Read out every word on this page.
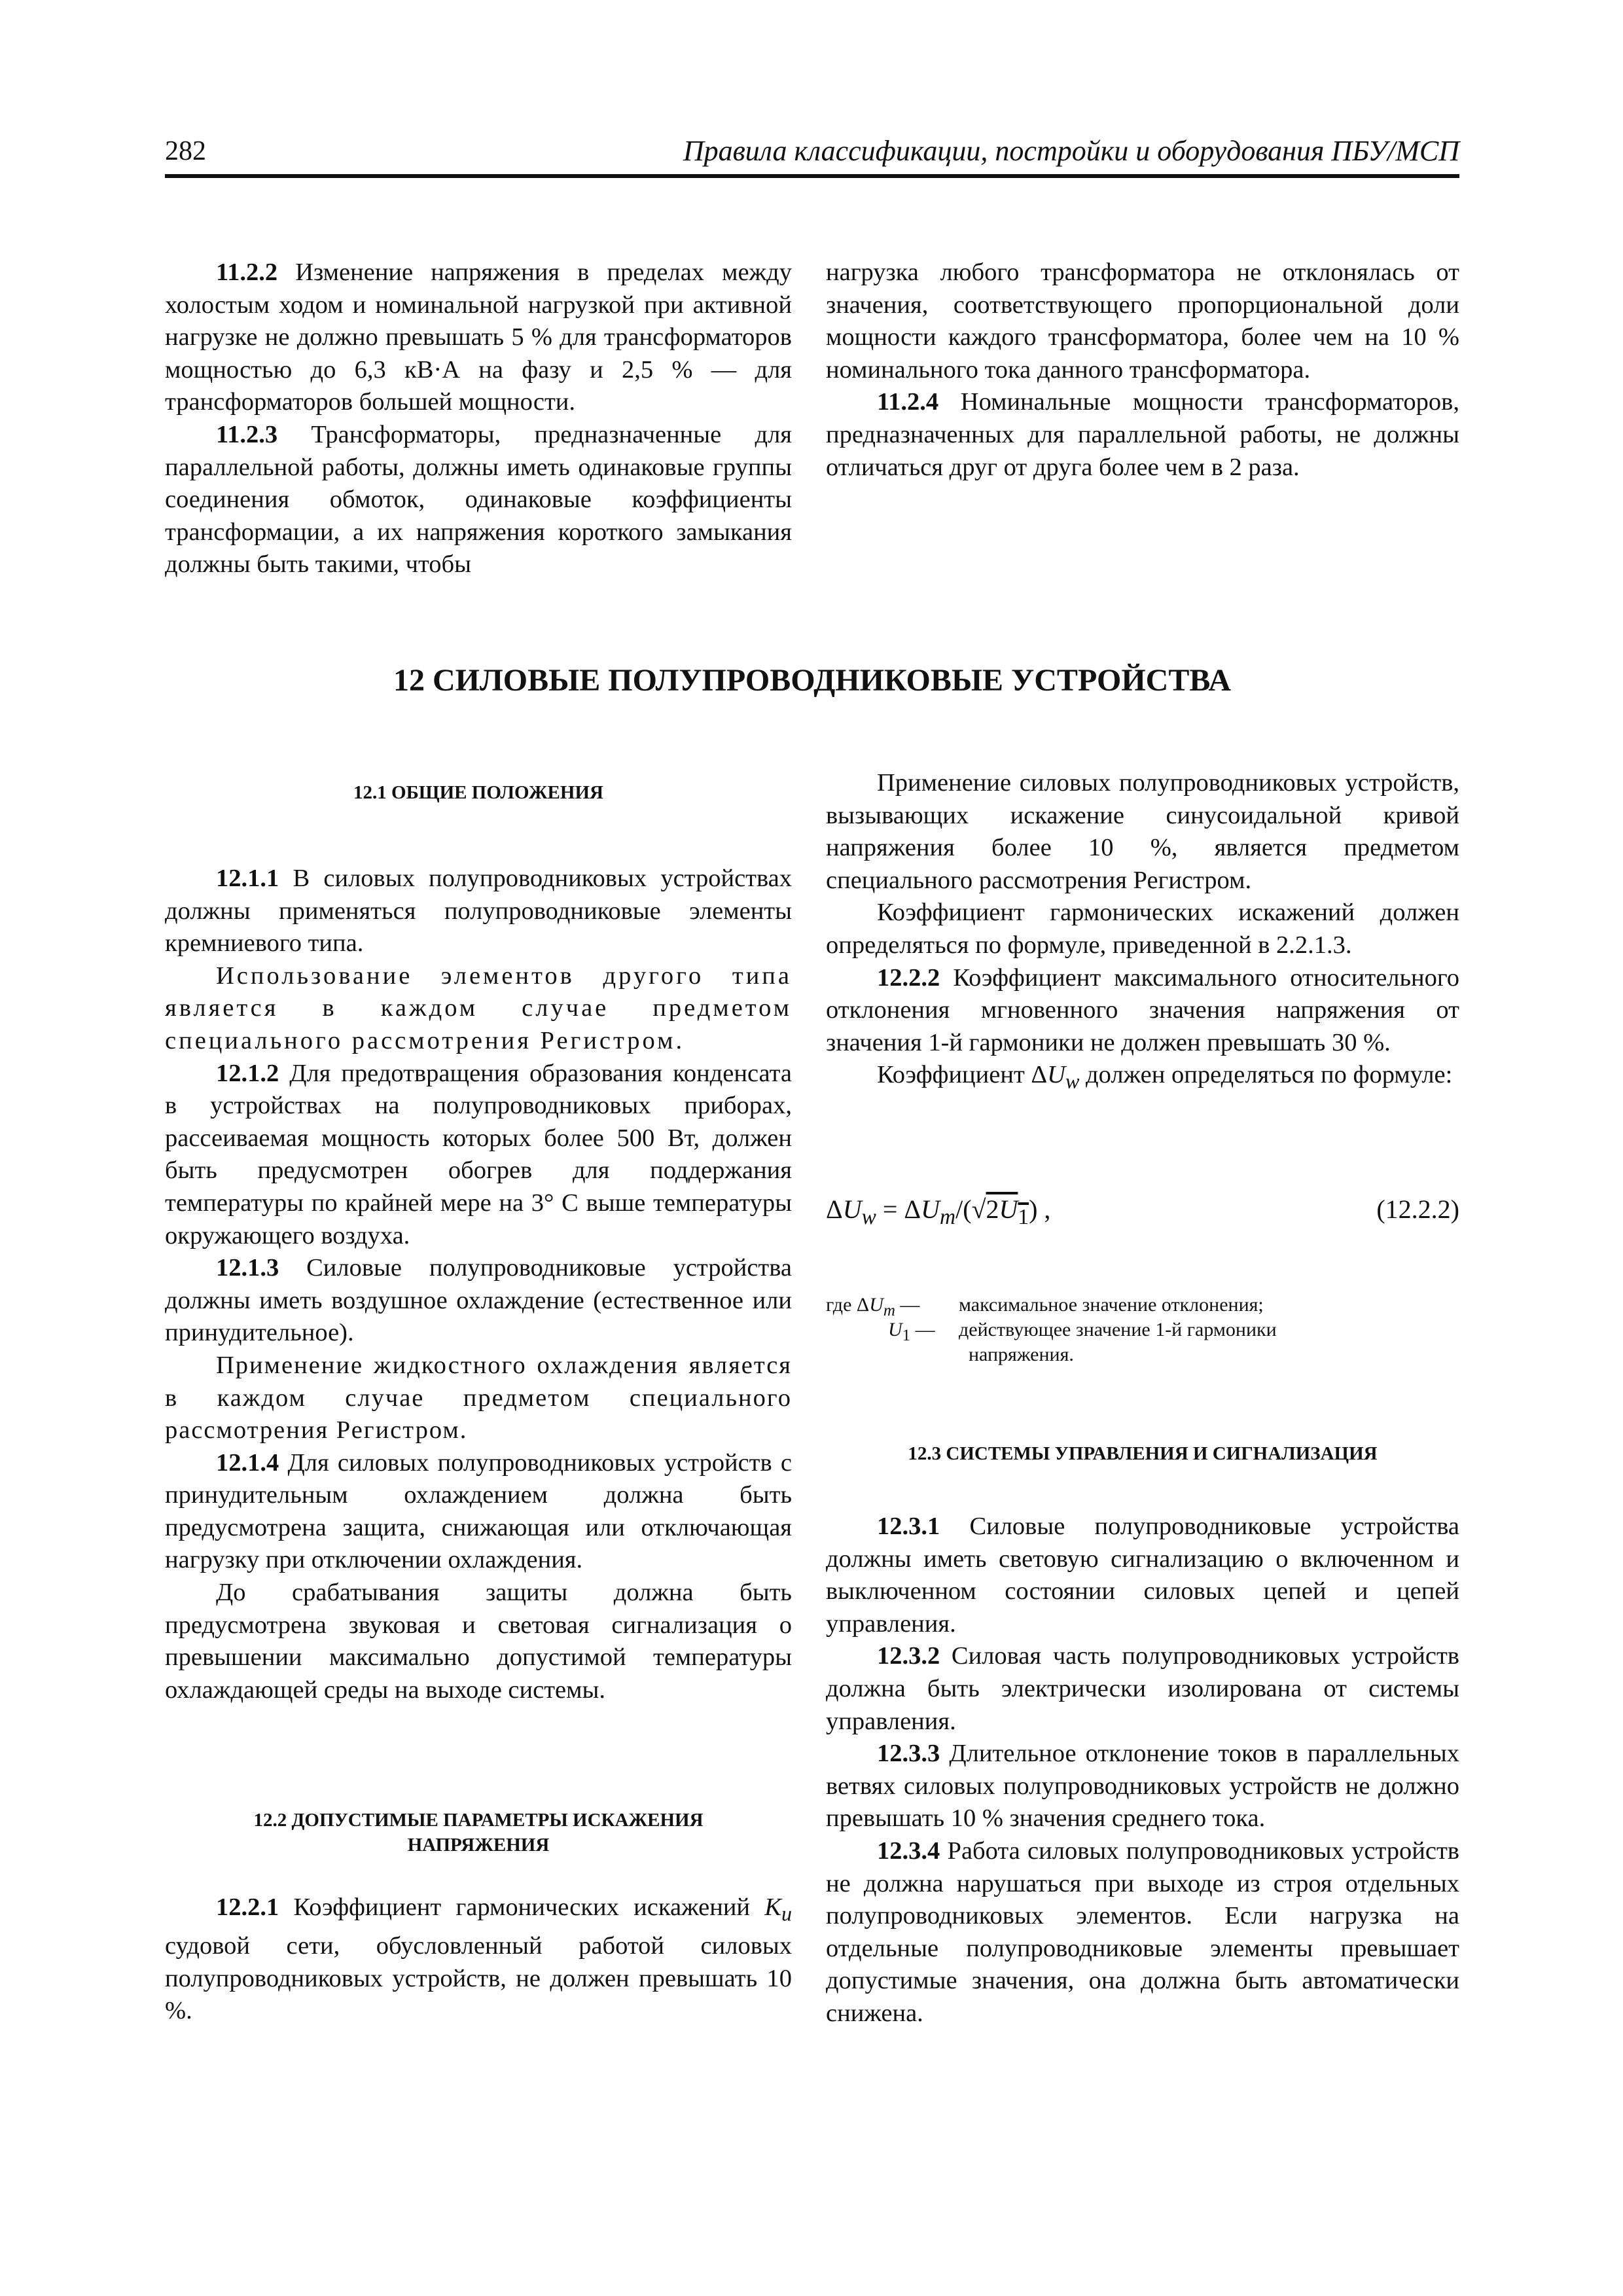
282	Правила классификации, постройки и оборудования ПБУ/МСП

11.2.2 Изменение напряжения в пределах между холостым ходом и номинальной нагрузкой при активной нагрузке не должно превышать 5 % для трансформаторов мощностью до 6,3 кВ·А на фазу и 2,5 % — для трансформаторов большей мощности.

11.2.3 Трансформаторы, предназначенные для параллельной работы, должны иметь одинаковые группы соединения обмоток, одинаковые коэффициенты трансформации, а их напряжения короткого замыкания должны быть такими, чтобы

нагрузка любого трансформатора не отклонялась от значения, соответствующего пропорциональной доли мощности каждого трансформатора, более чем на 10 % номинального тока данного трансформатора.

11.2.4 Номинальные мощности трансформаторов, предназначенных для параллельной работы, не должны отличаться друг от друга более чем в 2 раза.

12 СИЛОВЫЕ ПОЛУПРОВОДНИКОВЫЕ УСТРОЙСТВА
12.1 ОБЩИЕ ПОЛОЖЕНИЯ

12.1.1 В силовых полупроводниковых устройствах должны применяться полупроводниковые элементы кремниевого типа.

Использование элементов другого типа является в каждом случае предметом специального рассмотрения Регистром.

12.1.2 Для предотвращения образования конденсата в устройствах на полупроводниковых приборах, рассеиваемая мощность которых более 500 Вт, должен быть предусмотрен обогрев для поддержания температуры по крайней мере на 3° С выше температуры окружающего воздуха.

12.1.3 Силовые полупроводниковые устройства должны иметь воздушное охлаждение (естественное или принудительное).

Применение жидкостного охлаждения является в каждом случае предметом специального рассмотрения Регистром.

12.1.4 Для силовых полупроводниковых устройств с принудительным охлаждением должна быть предусмотрена защита, снижающая или отключающая нагрузку при отключении охлаждения.

До срабатывания защиты должна быть предусмотрена звуковая и световая сигнализация о превышении максимально допустимой температуры охлаждающей среды на выходе системы.

12.2 ДОПУСТИМЫЕ ПАРАМЕТРЫ ИСКАЖЕНИЯ
НАПРЯЖЕНИЯ

12.2.1 Коэффициент гармонических искажений $K_u$ судовой сети, обусловленный работой силовых полупроводниковых устройств, не должен превышать 10 %.

Применение силовых полупроводниковых устройств, вызывающих искажение синусоидальной кривой напряжения более 10 %, является предметом специального рассмотрения Регистром.

Коэффициент гармонических искажений должен определяться по формуле, приведенной в 2.2.1.3.

12.2.2 Коэффициент максимального относительного отклонения мгновенного значения напряжения от значения 1-й гармоники не должен превышать 30 %.

Коэффициент $\Delta U_w$ должен определяться по формуле:

$\Delta U_w = \Delta U_m/(√2U_1)$ ,	(12.2.2)
где $\Delta U_m$ — максимальное значение отклонения;
$U_1$ — действующее значение 1-й гармоники
напряжения.
12.3 СИСТЕМЫ УПРАВЛЕНИЯ И СИГНАЛИЗАЦИЯ

12.3.1 Силовые полупроводниковые устройства должны иметь световую сигнализацию о включенном и выключенном состоянии силовых цепей и цепей управления.

12.3.2 Силовая часть полупроводниковых устройств должна быть электрически изолирована от системы управления.

12.3.3 Длительное отклонение токов в параллельных ветвях силовых полупроводниковых устройств не должно превышать 10 % значения среднего тока.

12.3.4 Работа силовых полупроводниковых устройств не должна нарушаться при выходе из строя отдельных полупроводниковых элементов. Если нагрузка на отдельные полупроводниковые элементы превышает допустимые значения, она должна быть автоматически снижена.
